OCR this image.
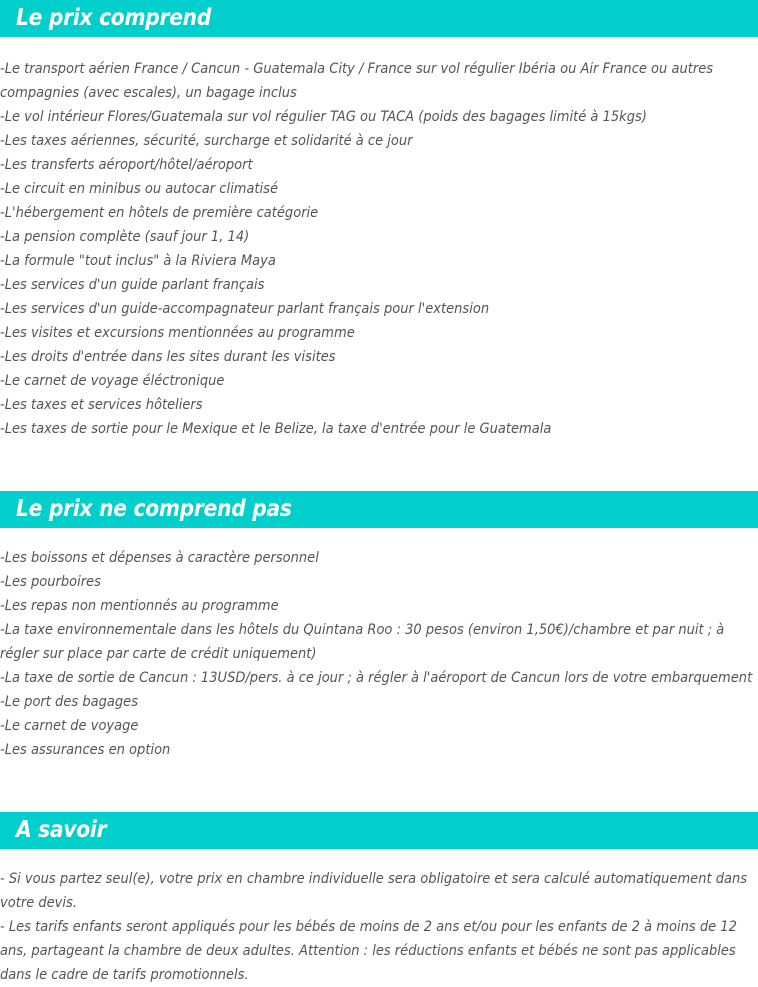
Le prix comprend
-Le transport aérien France / Cancun - Guatemala City / France sur vol régulier Ibéria ou Air France ou autres compagnies (avec escales), un bagage inclus
-Le vol intérieur Flores/Guatemala sur vol régulier TAG ou TACA (poids des bagages limité à 15kgs)
-Les taxes aériennes, sécurité, surcharge et solidarité à ce jour
-Les transferts aéroport/hôtel/aéroport
-Le circuit en minibus ou autocar climatisé
-L'hébergement en hôtels de première catégorie
-La pension complète (sauf jour 1, 14)
-La formule "tout inclus" à la Riviera Maya
-Les services d'un guide parlant français
-Les services d'un guide-accompagnateur parlant français pour l'extension
-Les visites et excursions mentionnées au programme
-Les droits d'entrée dans les sites durant les visites
-Le carnet de voyage éléctronique
-Les taxes et services hôteliers
-Les taxes de sortie pour le Mexique et le Belize, la taxe d'entrée pour le Guatemala
Le prix ne comprend pas
-Les boissons et dépenses à caractère personnel
-Les pourboires
-Les repas non mentionnés au programme
-La taxe environnementale dans les hôtels du Quintana Roo : 30 pesos (environ 1,50€)/chambre et par nuit ; à régler sur place par carte de crédit uniquement)
-La taxe de sortie de Cancun : 13USD/pers. à ce jour ; à régler à l'aéroport de Cancun lors de votre embarquement
-Le port des bagages
-Le carnet de voyage
-Les assurances en option
A savoir

- Si vous partez seul(e), votre prix en chambre individuelle sera obligatoire et sera calculé automatiquement dans votre devis.

- Les tarifs enfants seront appliqués pour les bébés de moins de 2 ans et/ou pour les enfants de 2 à moins de 12 ans, partageant la chambre de deux adultes. Attention : les réductions enfants et bébés ne sont pas applicables dans le cadre de tarifs promotionnels.
